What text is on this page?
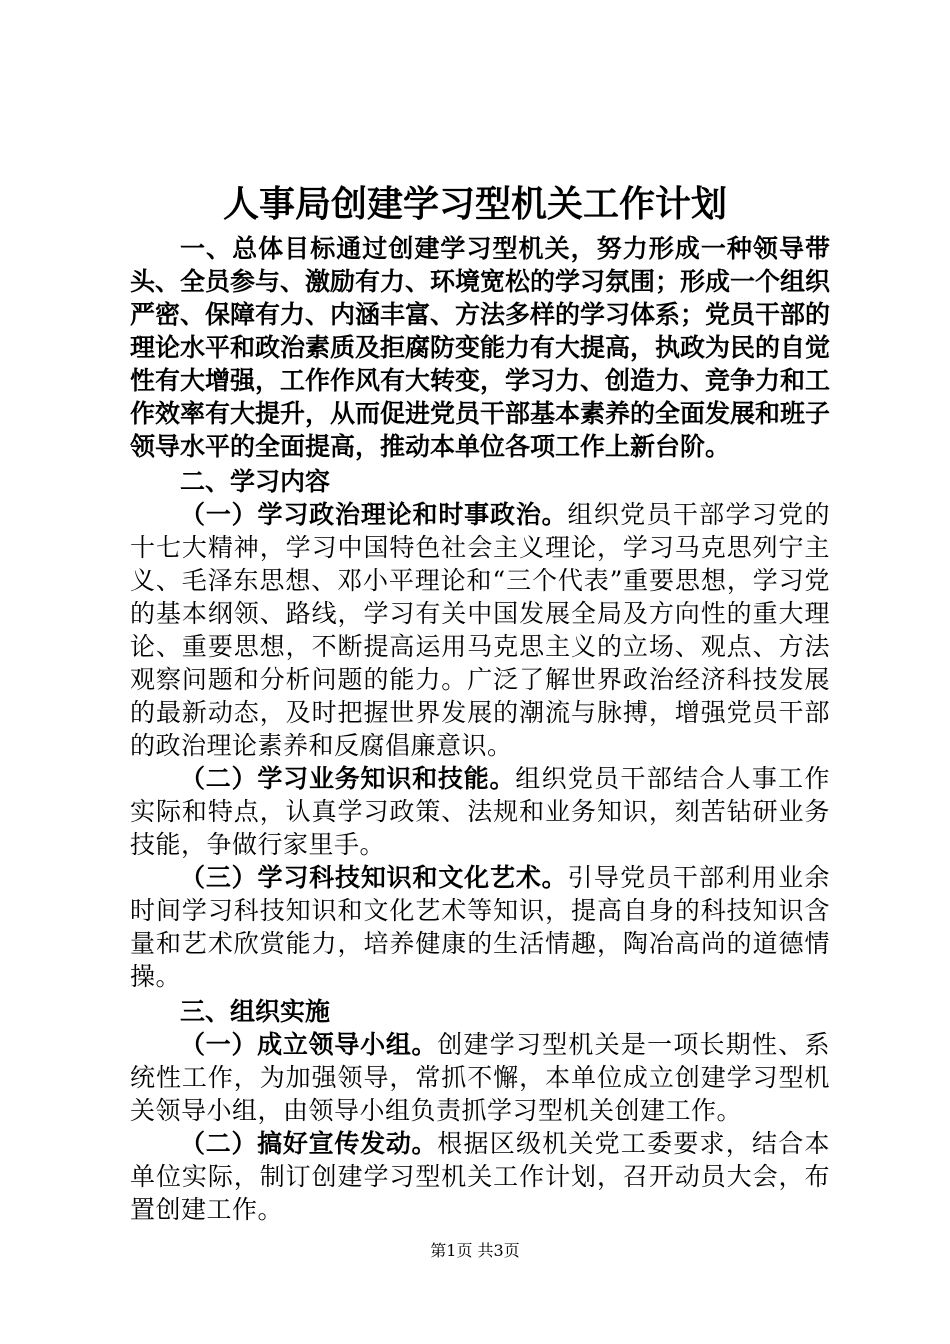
人事局创建学习型机关工作计划

一、总体目标通过创建学习型机关，努力形成一种领导带头、全员参与、激励有力、环境宽松的学习氛围；形成一个组织严密、保障有力、内涵丰富、方法多样的学习体系；党员干部的理论水平和政治素质及拒腐防变能力有大提高，执政为民的自觉性有大增强，工作作风有大转变，学习力、创造力、竞争力和工作效率有大提升，从而促进党员干部基本素养的全面发展和班子领导水平的全面提高，推动本单位各项工作上新台阶。

二、学习内容

（一）学习政治理论和时事政治。组织党员干部学习党的十七大精神，学习中国特色社会主义理论，学习马克思列宁主义、毛泽东思想、邓小平理论和“三个代表”重要思想，学习党的基本纲领、路线，学习有关中国发展全局及方向性的重大理论、重要思想，不断提高运用马克思主义的立场、观点、方法观察问题和分析问题的能力。广泛了解世界政治经济科技发展的最新动态，及时把握世界发展的潮流与脉搏，增强党员干部的政治理论素养和反腐倡廉意识。

（二）学习业务知识和技能。组织党员干部结合人事工作实际和特点，认真学习政策、法规和业务知识，刻苦钻研业务技能，争做行家里手。

（三）学习科技知识和文化艺术。引导党员干部利用业余时间学习科技知识和文化艺术等知识，提高自身的科技知识含量和艺术欣赏能力，培养健康的生活情趣，陶冶高尚的道德情操。

三、组织实施

（一）成立领导小组。创建学习型机关是一项长期性、系统性工作，为加强领导，常抓不懈，本单位成立创建学习型机关领导小组，由领导小组负责抓学习型机关创建工作。

（二）搞好宣传发动。根据区级机关党工委要求，结合本单位实际，制订创建学习型机关工作计划，召开动员大会，布置创建工作。

第1页 共3页
